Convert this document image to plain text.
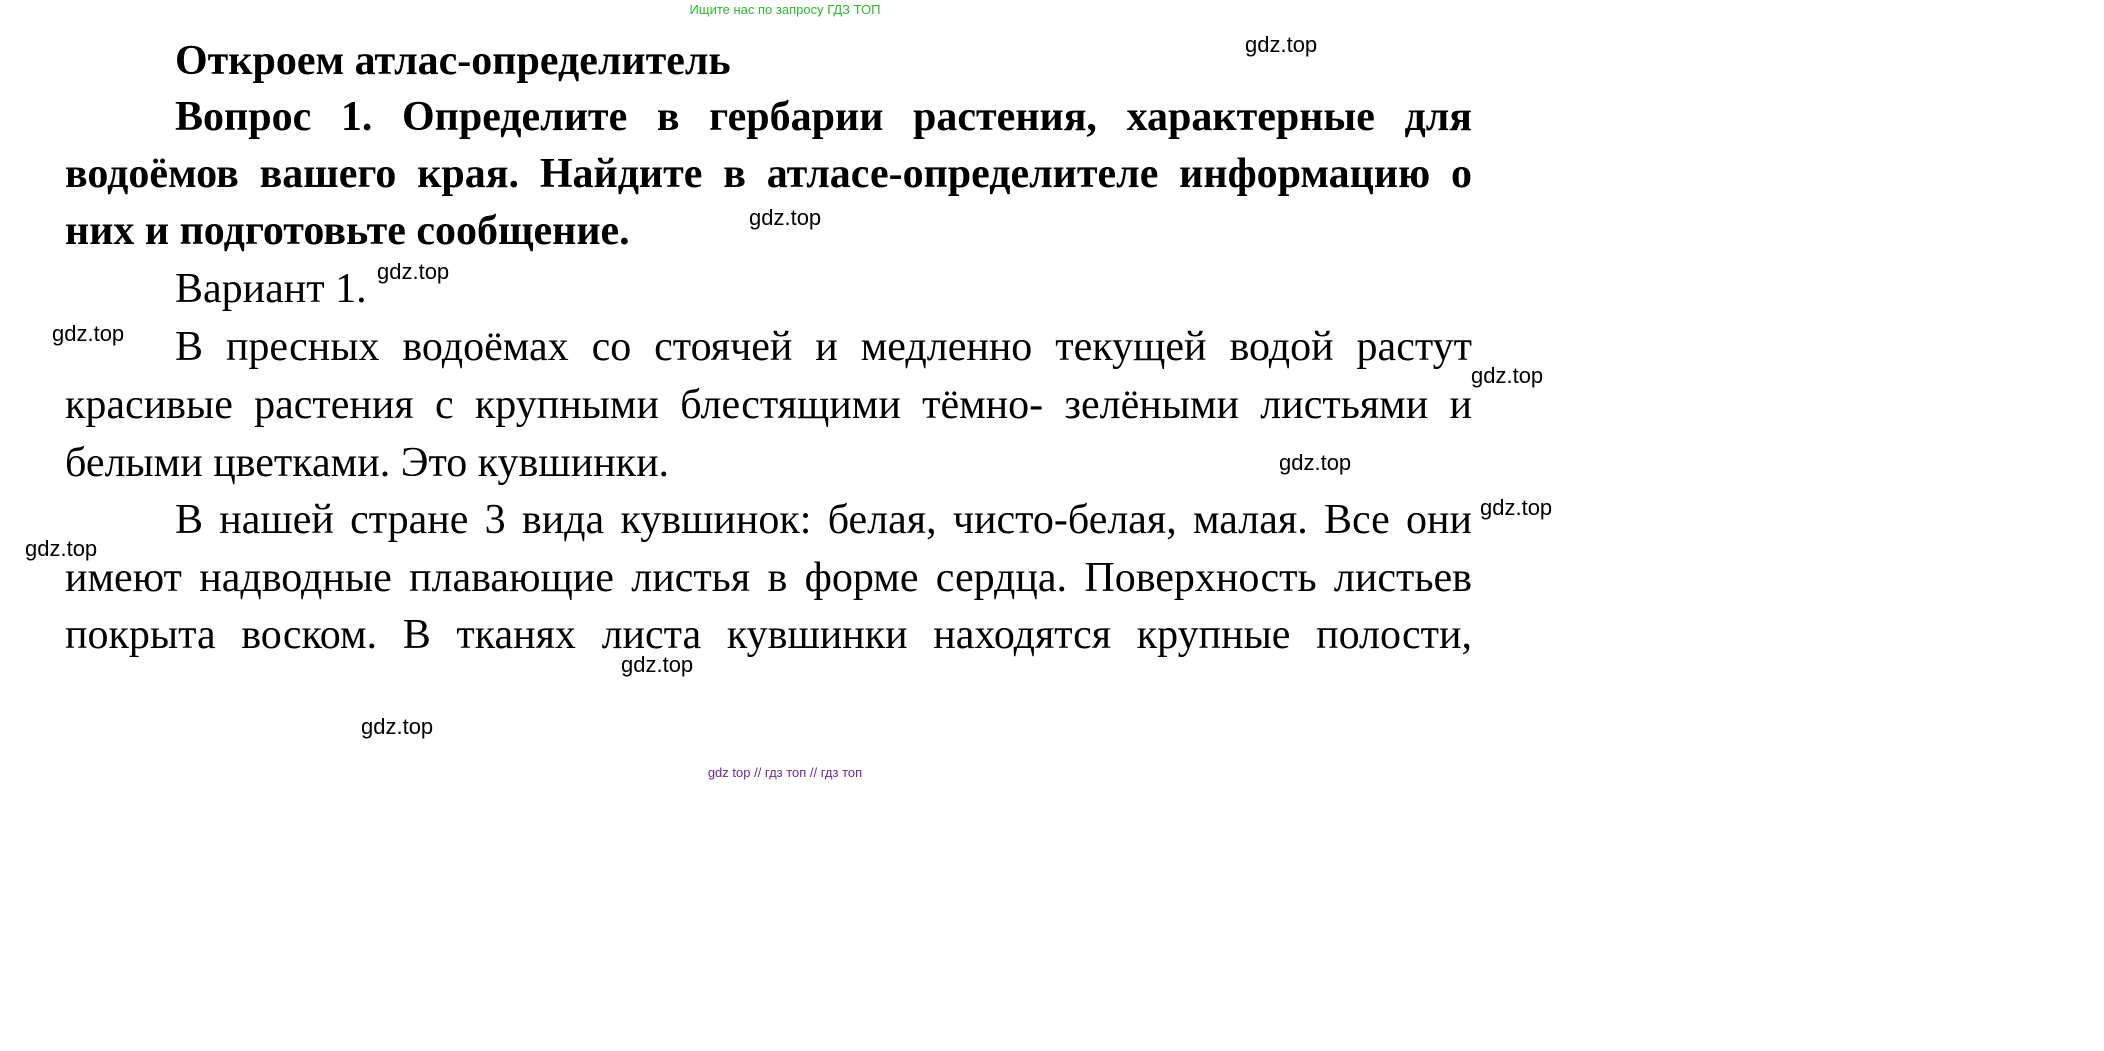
Ищите нас по запросу ГДЗ ТОП
Откроем атлас-определитель
Вопрос 1. Определите в гербарии растения, характерные для
водоёмов вашего края. Найдите в атласе-определителе информацию о
них и подготовьте сообщение.
Вариант 1.
В пресных водоёмах со стоячей и медленно текущей водой растут
красивые растения с крупными блестящими тёмно- зелёными листьями и
белыми цветками. Это кувшинки.
В нашей стране 3 вида кувшинок: белая, чисто-белая, малая. Все они
имеют надводные плавающие листья в форме сердца. Поверхность листьев
покрыта воском. В тканях листа кувшинки находятся крупные полости,
gdz.top
gdz.top
gdz.top
gdz.top
gdz.top
gdz.top
gdz.top
gdz.top
gdz.top
gdz.top
gdz top // гдз топ // гдз топ
